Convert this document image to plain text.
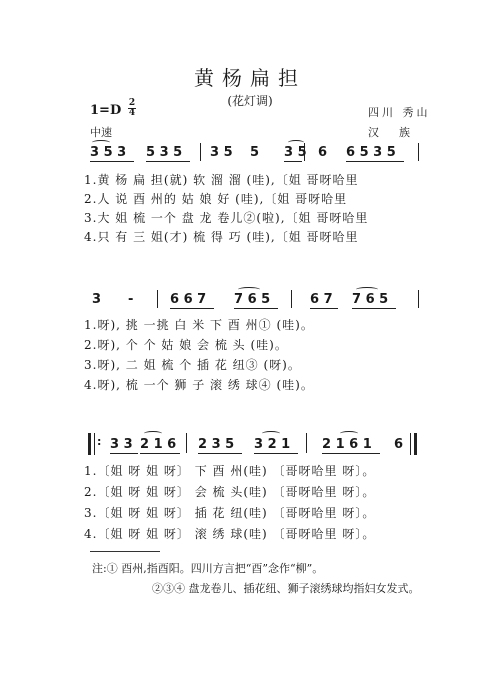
黄杨扁担
(花灯调)
1=D 2
4
中速
四川 秀山
汉族
3 5 3 5 3 5 3 5 5 3 5 6 6 5 3 5
1.黄 杨 扁 担(就) 软 溜 溜 (哇),〔姐 哥呀哈里
2.人 说 酉 州的 姑 娘 好 (哇),〔姐 哥呀哈里
3.大 姐 梳 一个 盘 龙 卷儿②(啦),〔姐 哥呀哈里
4.只 有 三 姐(才) 梳 得 巧 (哇),〔姐 哥呀哈里
3 -	6 6 7 7 6 5	6 7 7 6 5
1.呀), 挑 一挑 白 米 下 酉 州① (哇)。
2.呀), 个 个 姑 娘 会 梳 头 (哇)。
3.呀), 二 姐 梳 个 插 花 纽③ (呀)。
4.呀), 梳 一个 狮 子 滚 绣 球④ (哇)。
: 3 3 2 1 6 2 3 5 3 2 1 2 1 6 1 6
1.〔姐 呀 姐 呀〕 下 酉 州(哇) 〔哥呀哈里 呀〕。
2.〔姐 呀 姐 呀〕 会 梳 头(哇) 〔哥呀哈里 呀〕。
3.〔姐 呀 姐 呀〕 插 花 纽(哇) 〔哥呀哈里 呀〕。
4.〔姐 呀 姐 呀〕 滚 绣 球(哇) 〔哥呀哈里 呀〕。
注:① 酉州,指酉阳。四川方言把“酉”念作“柳”。
②③④ 盘龙卷儿、插花纽、狮子滚绣球均指妇女发式。
